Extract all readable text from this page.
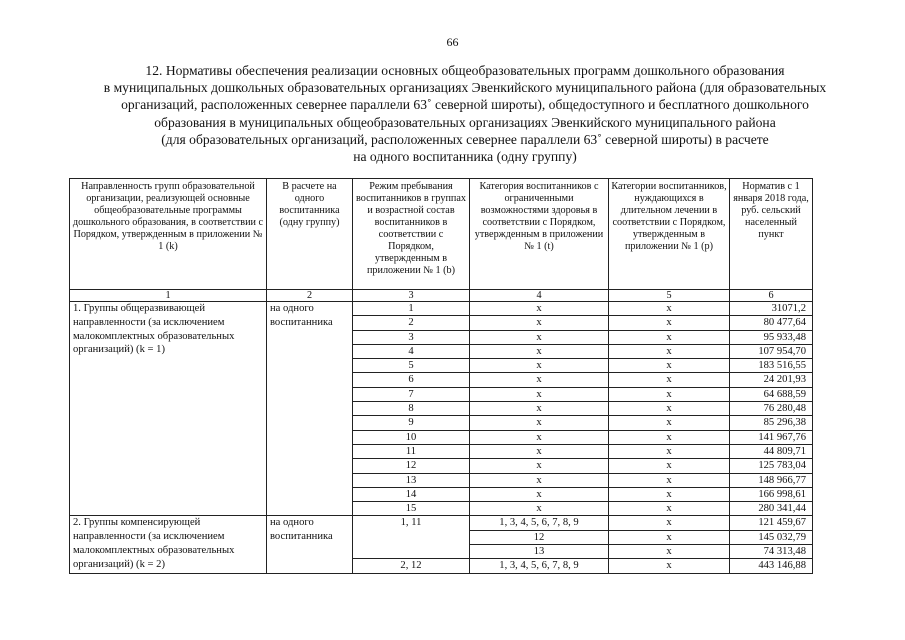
66
12. Нормативы обеспечения реализации основных общеобразовательных программ дошкольного образования
в муниципальных дошкольных образовательных организациях Эвенкийского муниципального района (для образовательных
организаций, расположенных севернее параллели 63˚ северной широты), общедоступного и бесплатного дошкольного
образования в муниципальных общеобразовательных организациях Эвенкийского муниципального района
(для образовательных организаций, расположенных севернее параллели 63˚ северной широты) в расчете
на одного воспитанника (одну группу)
Направленность групп образовательной организации, реализующей основные общеобразовательные программы дошкольного образования, в соответствии с Порядком, утвержденным в приложении № 1 (k)	В расчете на одного воспитанника (одну группу)	Режим пребывания воспитанников в группах и возрастной состав воспитанников в соответствии с Порядком, утвержденным в приложении № 1 (b)	Категория воспитанников с ограниченными возможностями здоровья в соответствии с Порядком, утвержденным в приложении № 1 (t)	Категории воспитанников, нуждающихся в длительном лечении в соответствии с Порядком, утвержденным в приложении № 1 (p)	Норматив с 1 января 2018 года, руб. сельский населенный пункт
1	2	3	4	5	6
1. Группы общеразвивающей направленности (за исключением малокомплектных образовательных организаций) (k = 1)	на одного воспитанника	1	х	х	31071,2
		2	х	х	80 477,64
		3	х	х	95 933,48
		4	х	х	107 954,70
		5	х	х	183 516,55
		6	х	х	24 201,93
		7	х	х	64 688,59
		8	х	х	76 280,48
		9	х	х	85 296,38
		10	х	х	141 967,76
		11	х	х	44 809,71
		12	х	х	125 783,04
		13	х	х	148 966,77
		14	х	х	166 998,61
		15	х	х	280 341,44
2. Группы компенсирующей направленности (за исключением малокомплектных образовательных организаций) (k = 2)	на одного воспитанника	1, 11	1, 3, 4, 5, 6, 7, 8, 9	х	121 459,67
			12	х	145 032,79
			13	х	74 313,48
		2, 12	1, 3, 4, 5, 6, 7, 8, 9	х	443 146,88
